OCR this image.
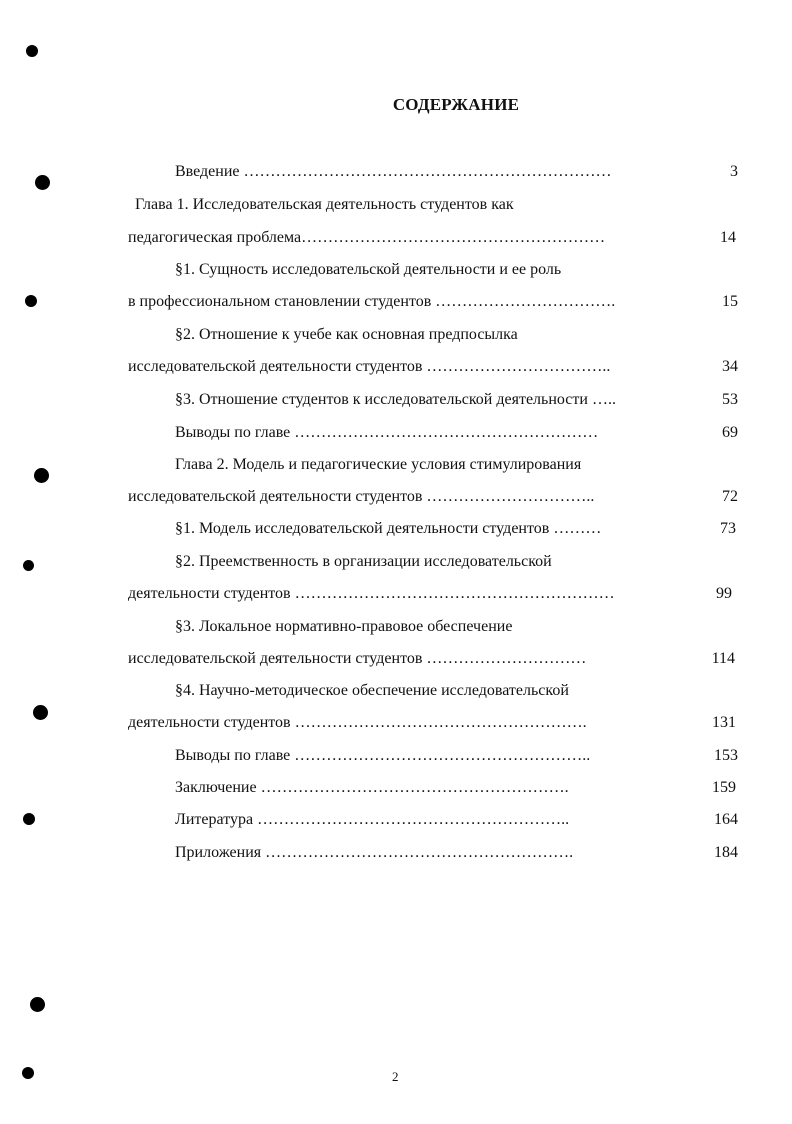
СОДЕРЖАНИЕ
Введение ……………………………………………………………	3
Глава 1. Исследовательская деятельность студентов как
педагогическая проблема…………………………………………………	14
§1. Сущность исследовательской деятельности и ее роль
в профессиональном становлении студентов …………………………….	15
§2. Отношение к учебе как основная предпосылка
исследовательской деятельности студентов ……………………………..	34
§3. Отношение студентов к исследовательской деятельности …..	53
Выводы по главе …………………………………………………	69
Глава 2. Модель и педагогические условия стимулирования
исследовательской деятельности студентов …………………………..	72
§1. Модель исследовательской деятельности студентов ………	73
§2. Преемственность в организации исследовательской
деятельности студентов ……………………………………………………	99
§3. Локальное нормативно-правовое обеспечение
исследовательской деятельности студентов …………………………	114
§4. Научно-методическое обеспечение исследовательской
деятельности студентов ……………………………………………….	131
Выводы по главе ………………………………………………..	153
Заключение ………………………………………………….	159
Литература …………………………………………………..	164
Приложения ………………………………………………….	184
2
